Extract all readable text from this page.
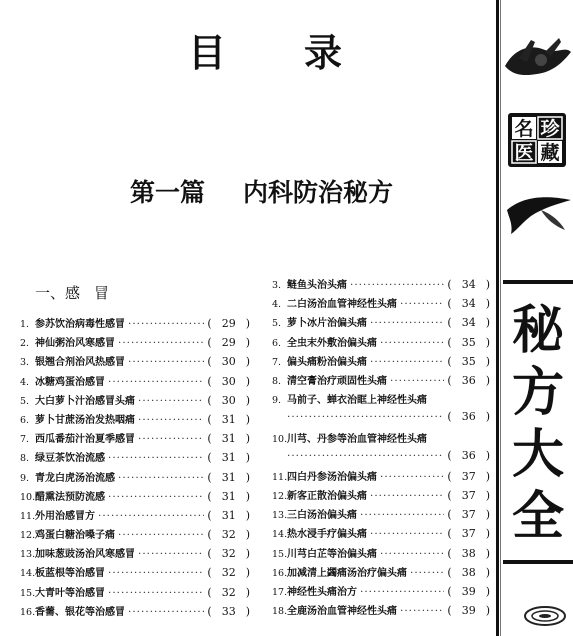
目录
第一篇 内科防治秘方
一、感冒
1. 参苏饮治病毒性感冒 ·····	( 29 )
2. 神仙粥治风寒感冒 ·····	( 29 )
3. 银翘合剂治风热感冒 ·····	( 30 )
4. 冰糖鸡蛋治感冒 ·····	( 30 )
5. 大白萝卜汁治感冒头痛 ·····	( 30 )
6. 萝卜甘蔗汤治发热咽痛 ·····	( 31 )
7. 西瓜番茄汁治夏季感冒 ·····	( 31 )
8. 绿豆茶饮治流感 ·····	( 31 )
9. 青龙白虎汤治流感 ·····	( 31 )
10. 醋熏法预防流感 ·····	( 31 )
11. 外用治感冒方 ·····	( 31 )
12. 鸡蛋白糖治嗓子痛 ·····	( 32 )
13. 加味葱豉汤治风寒感冒 ·····	( 32 )
14. 板蓝根等治感冒 ·····	( 32 )
15. 大青叶等治感冒 ·····	( 32 )
16. 香薷、银花等治感冒 ·····	( 33 )
3. 鲢鱼头治头痛 ·····	( 34 )
4. 二白汤治血管神经性头痛 ·····	( 34 )
5. 萝卜冰片治偏头痛 ·····	( 34 )
6. 全虫末外敷治偏头痛 ·····	( 35 )
7. 偏头痛粉治偏头痛 ·····	( 35 )
8. 清空膏治疗顽固性头痛 ·····	( 36 )
9. 马前子、蝉衣治眶上神经性头痛
·····
( 36 )
10. 川芎、丹参等治血管神经性头痛
·····
( 36 )
11. 四白丹参汤治偏头痛 ·····	( 37 )
12. 新客正散治偏头痛 ·····	( 37 )
13. 三白汤治偏头痛 ·····	( 37 )
14. 热水浸手疗偏头痛 ·····	( 37 )
15. 川芎白芷等治偏头痛 ·····	( 38 )
16. 加减清上蠲痛汤治疗偏头痛 ·····	( 38 )
17. 神经性头痛治方 ·····	( 39 )
18. 全鹿汤治血管神经性头痛 ·····	( 39 )
名 珍
医 藏
秘
方
大
全
